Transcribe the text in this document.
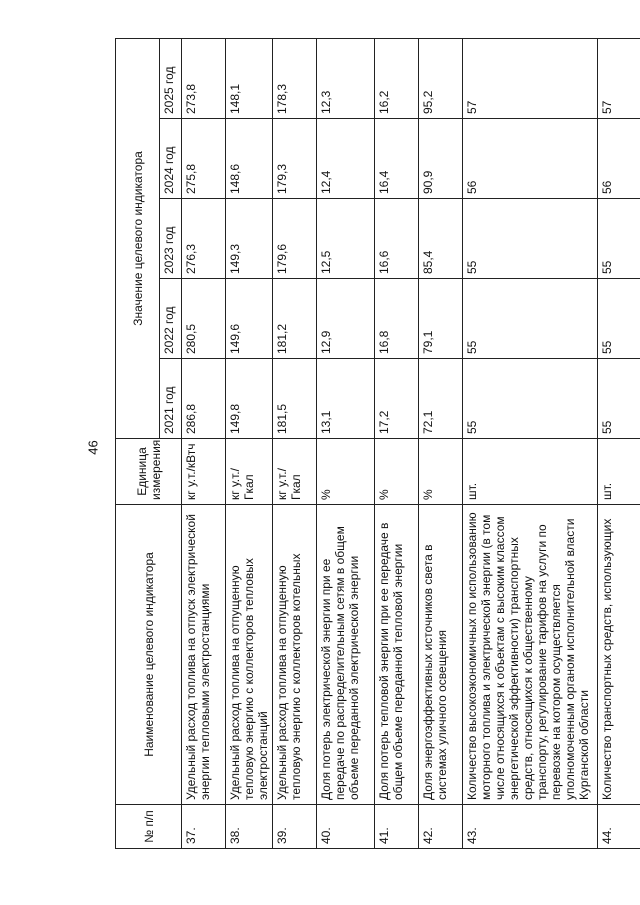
46
№ п/п	Наименование целевого индикатора	Единица измерения	Значение целевого индикатора				
			2021 год	2022 год	2023 год	2024 год	2025 год
37.	Удельный расход топлива на отпуск электрической энергии тепловыми электростанциями	кг у.т./кВтч	286,8	280,5	276,3	275,8	273,8
38.	Удельный расход топлива на отпущенную тепловую энергию с коллекторов тепловых электростанций	кг у.т./Гкал	149,8	149,6	149,3	148,6	148,1
39.	Удельный расход топлива на отпущенную тепловую энергию с коллекторов котельных	кг у.т./Гкал	181,5	181,2	179,6	179,3	178,3
40.	Доля потерь электрической энергии при ее передаче по распределительным сетям в общем объеме переданной электрической энергии	%	13,1	12,9	12,5	12,4	12,3
41.	Доля потерь тепловой энергии при ее передаче в общем объеме переданной тепловой энергии	%	17,2	16,8	16,6	16,4	16,2
42.	Доля энергоэффективных источников света в системах уличного освещения	%	72,1	79,1	85,4	90,9	95,2
43.	Количество высокоэкономичных по использованию моторного топлива и электрической энергии (в том числе относящихся к объектам с высоким классом энергетической эффективности) транспортных средств, относящихся к общественному транспорту, регулирование тарифов на услуги по перевозке на котором осуществляется уполномоченным органом исполнительной власти Курганской области	шт.	55	55	55	56	57
44.	Количество транспортных средств, использующих	шт.	55	55	55	56	57
